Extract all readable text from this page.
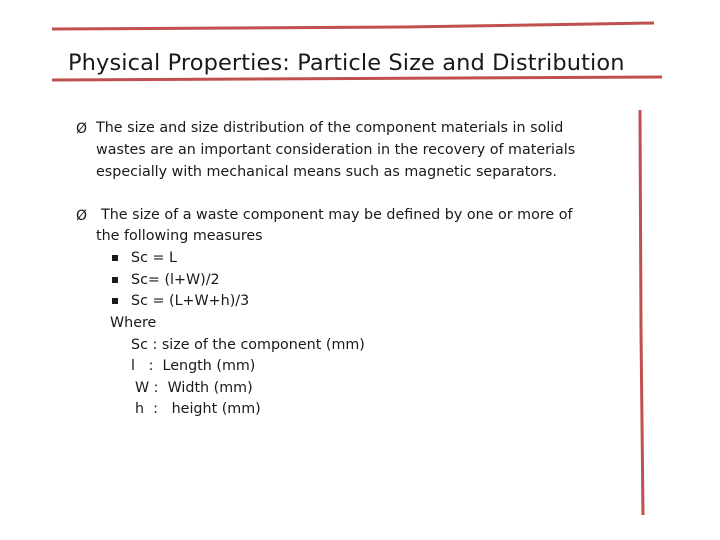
Physical Properties: Particle Size and Distribution
Ø The size and size distribution of the component materials in solid
wastes are an important consideration in the recovery of materials
especially with mechanical means such as magnetic separators.
Ø The size of a waste component may be defined by one or more of
the following measures
Sc = L
Sc= (l+W)/2
Sc = (L+W+h)/3
Where
Sc : size of the component (mm)
l   :  Length (mm)
W :  Width (mm)
h  :   height (mm)
